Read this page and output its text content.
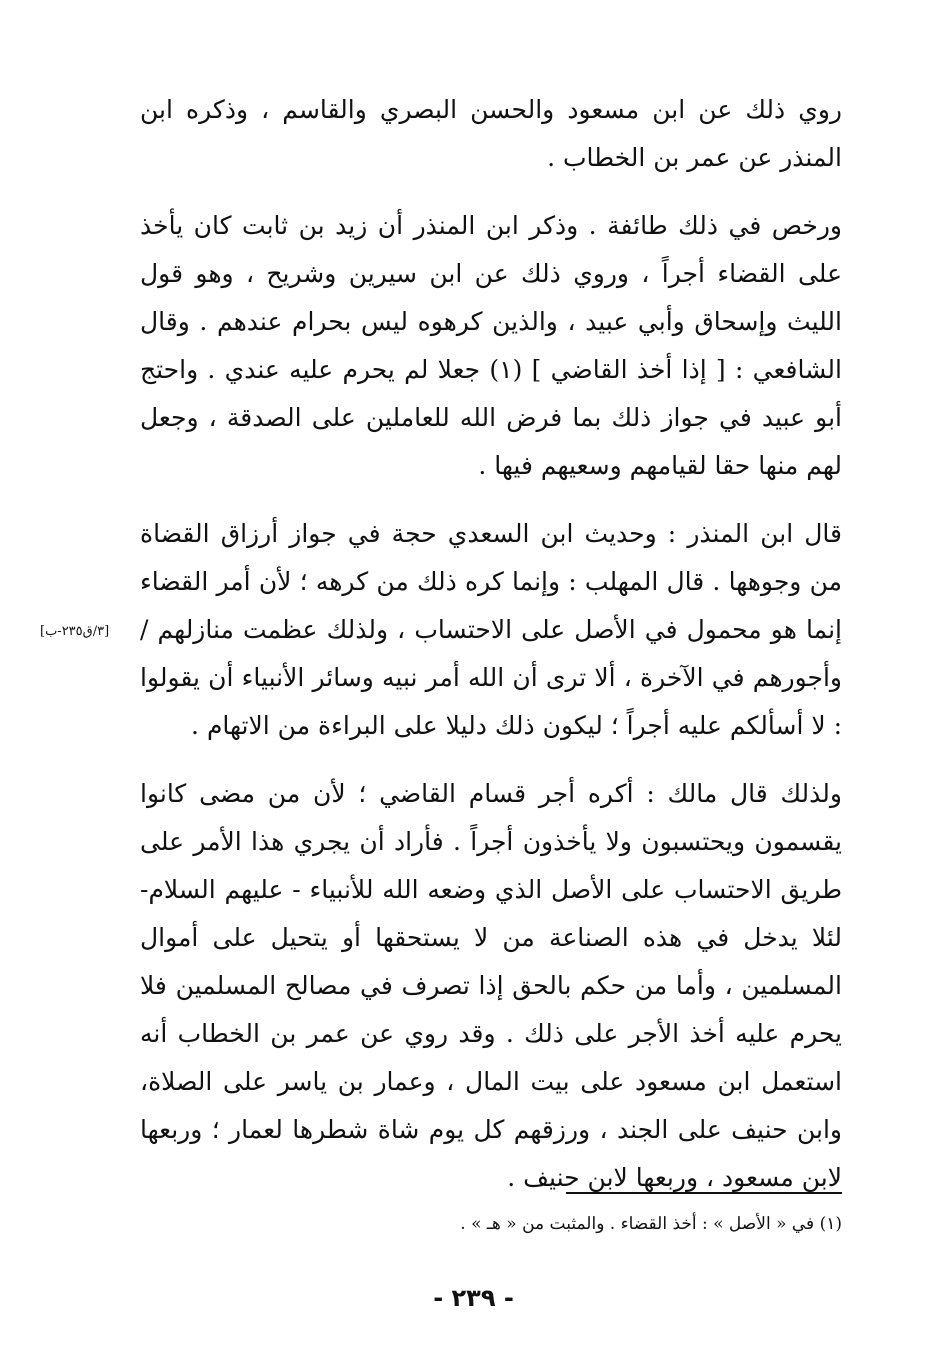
روي ذلك عن ابن مسعود والحسن البصري والقاسم ، وذكره ابن المنذر عن عمر بن الخطاب .

ورخص في ذلك طائفة . وذكر ابن المنذر أن زيد بن ثابت كان يأخذ على القضاء أجراً ، وروي ذلك عن ابن سيرين وشريح ، وهو قول الليث وإسحاق وأبي عبيد ، والذين كرهوه ليس بحرام عندهم . وقال الشافعي : [ إذا أخذ القاضي ] (١) جعلا لم يحرم عليه عندي . واحتج أبو عبيد في جواز ذلك بما فرض الله للعاملين على الصدقة ، وجعل لهم منها حقا لقيامهم وسعيهم فيها .

قال ابن المنذر : وحديث ابن السعدي حجة في جواز أرزاق القضاة من وجوهها . قال المهلب : وإنما كره ذلك من كرهه ؛ لأن أمر القضاء إنما هو محمول في الأصل على الاحتساب ، ولذلك عظمت منازلهم / وأجورهم في الآخرة ، ألا ترى أن الله أمر نبيه وسائر الأنبياء أن يقولوا : لا أسألكم عليه أجراً ؛ ليكون ذلك دليلا على البراءة من الاتهام .

ولذلك قال مالك : أكره أجر قسام القاضي ؛ لأن من مضى كانوا يقسمون ويحتسبون ولا يأخذون أجراً . فأراد أن يجري هذا الأمر على طريق الاحتساب على الأصل الذي وضعه الله للأنبياء - عليهم السلام- لئلا يدخل في هذه الصناعة من لا يستحقها أو يتحيل على أموال المسلمين ، وأما من حكم بالحق إذا تصرف في مصالح المسلمين فلا يحرم عليه أخذ الأجر على ذلك . وقد روي عن عمر بن الخطاب أنه استعمل ابن مسعود على بيت المال ، وعمار بن ياسر على الصلاة، وابن حنيف على الجند ، ورزقهم كل يوم شاة شطرها لعمار ؛ وربعها لابن مسعود ، وربعها لابن حنيف .

[٣/ق٢٣٥-ب]
(١) في « الأصل » : أخذ القضاء . والمثبت من « هـ » .
- ٢٣٩ -
